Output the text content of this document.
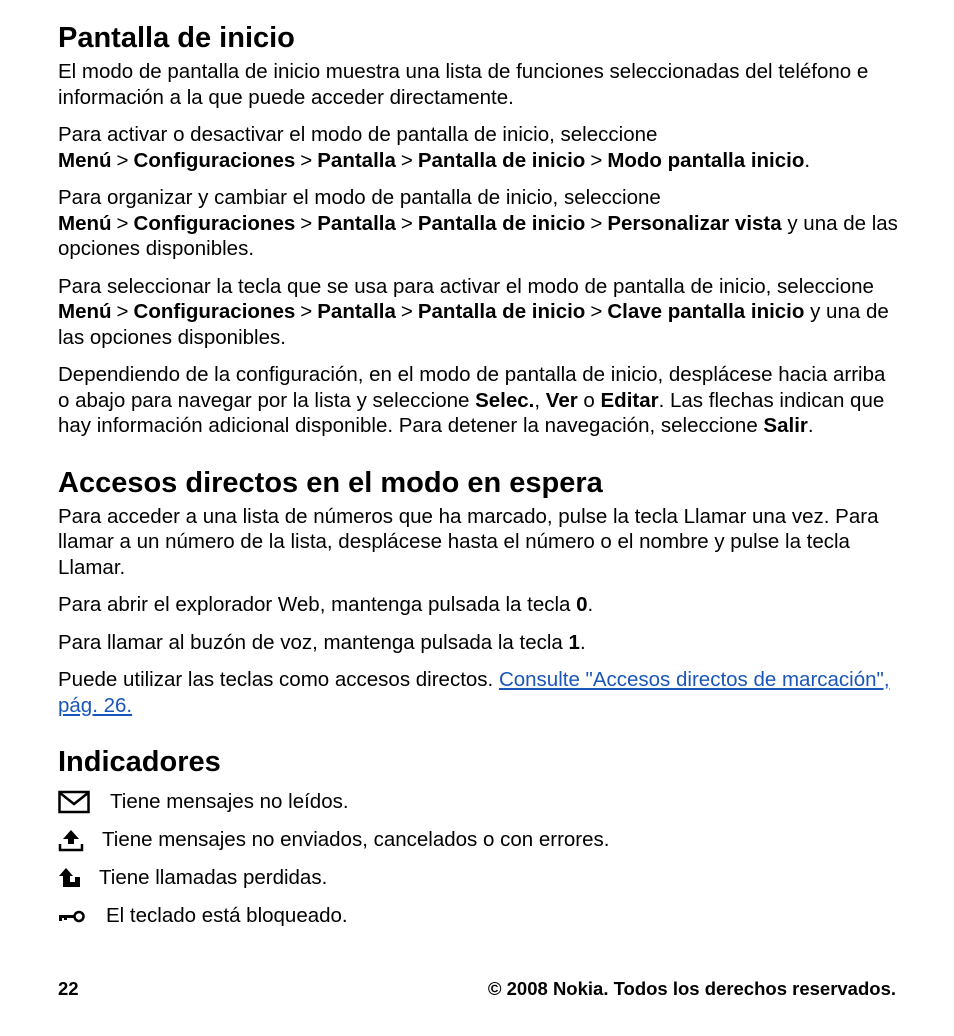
Pantalla de inicio

El modo de pantalla de inicio muestra una lista de funciones seleccionadas del teléfono e información a la que puede acceder directamente.

Para activar o desactivar el modo de pantalla de inicio, seleccione Menú > Configuraciones > Pantalla > Pantalla de inicio > Modo pantalla inicio.

Para organizar y cambiar el modo de pantalla de inicio, seleccione Menú > Configuraciones > Pantalla > Pantalla de inicio > Personalizar vista y una de las opciones disponibles.

Para seleccionar la tecla que se usa para activar el modo de pantalla de inicio, seleccione Menú > Configuraciones > Pantalla > Pantalla de inicio > Clave pantalla inicio y una de las opciones disponibles.

Dependiendo de la configuración, en el modo de pantalla de inicio, desplácese hacia arriba o abajo para navegar por la lista y seleccione Selec., Ver o Editar. Las flechas indican que hay información adicional disponible. Para detener la navegación, seleccione Salir.

Accesos directos en el modo en espera

Para acceder a una lista de números que ha marcado, pulse la tecla Llamar una vez. Para llamar a un número de la lista, desplácese hasta el número o el nombre y pulse la tecla Llamar.

Para abrir el explorador Web, mantenga pulsada la tecla 0.

Para llamar al buzón de voz, mantenga pulsada la tecla 1.

Puede utilizar las teclas como accesos directos. Consulte "Accesos directos de marcación", pág. 26.

Indicadores
Tiene mensajes no leídos.
Tiene mensajes no enviados, cancelados o con errores.
Tiene llamadas perdidas.
El teclado está bloqueado.
22	© 2008 Nokia. Todos los derechos reservados.
